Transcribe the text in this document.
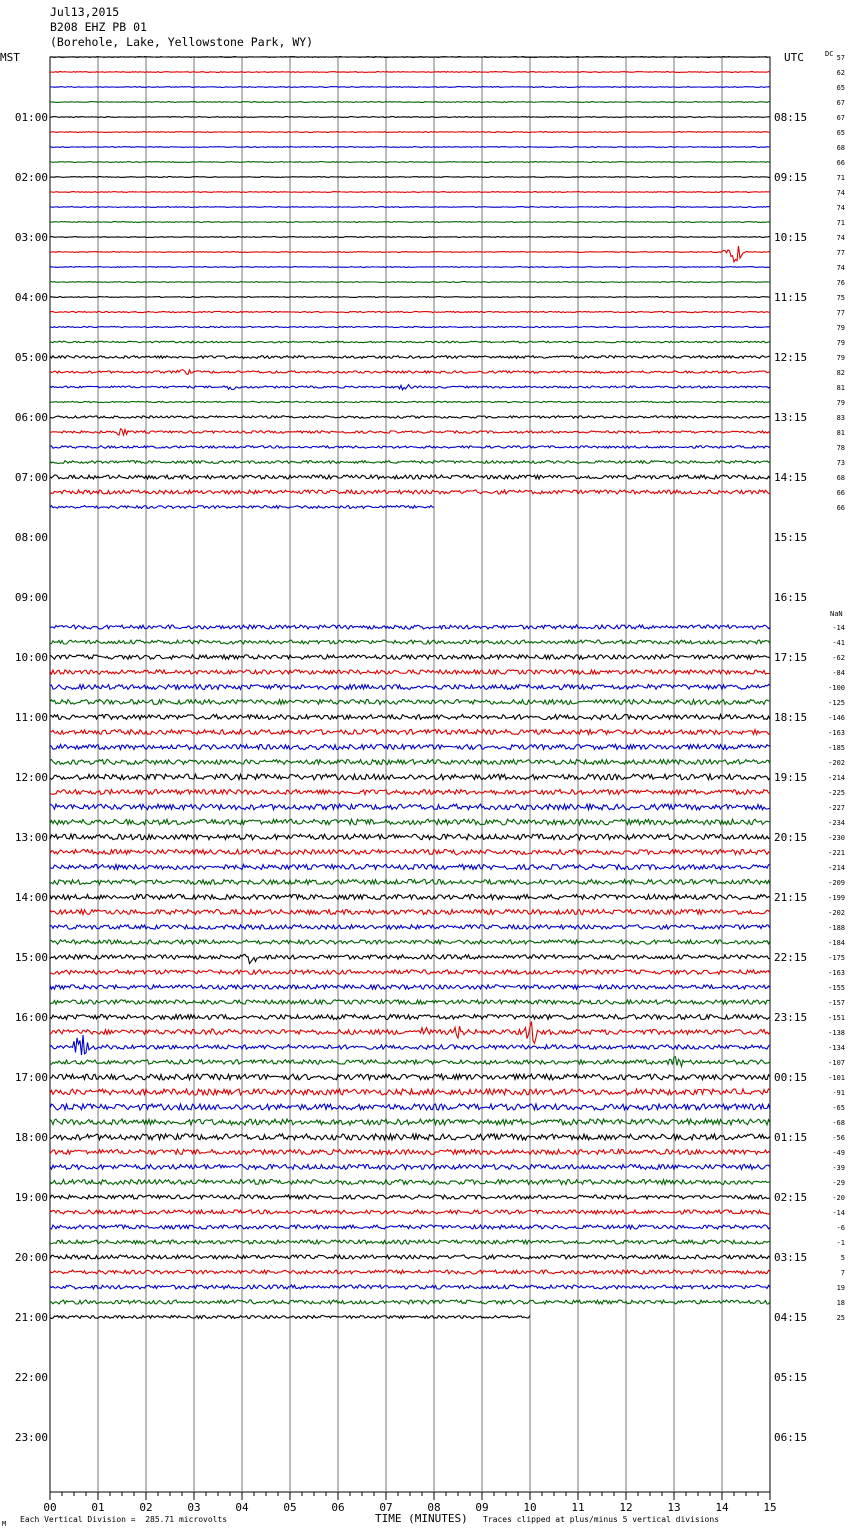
Jul13,2015
B208 EHZ PB 01
(Borehole, Lake, Yellowstone Park, WY)
MST	UTC
01:00
02:00
03:00
04:00
05:00
06:00
07:00
08:00
09:00
10:00
11:00
12:00
13:00
14:00
15:00
16:00
17:00
18:00
19:00
20:00
21:00
22:00
23:00
08:15
09:15
10:15
11:15
12:15
13:15
14:15
15:15
16:15
17:15
18:15
19:15
20:15
21:15
22:15
23:15
00:15
01:15
02:15
03:15
04:15
05:15
06:15
00	01	02	03	04	05	06	07	08	09	10	11	12	13	14	15
DC
NaN
57
62
65
67
67
65
68
66
71
74
74
71
74
77
74
76
75
77
79
79
79
82
81
79
83
81
78
73
68
66
66
-14
-41
-62
-84
-100
-125
-146
-163
-185
-202
-214
-225
-227
-234
-230
-221
-214
-209
-199
-202
-188
-184
-175
-163
-155
-157
-151
-138
-134
-107
-101
-91
-65
-68
-56
-49
-39
-29
-20
-14
-6
-1
5
7
19
18
25
M Each Vertical Division =  285.71 microvolts	TIME (MINUTES) Traces clipped at plus/minus 5 vertical divisions
